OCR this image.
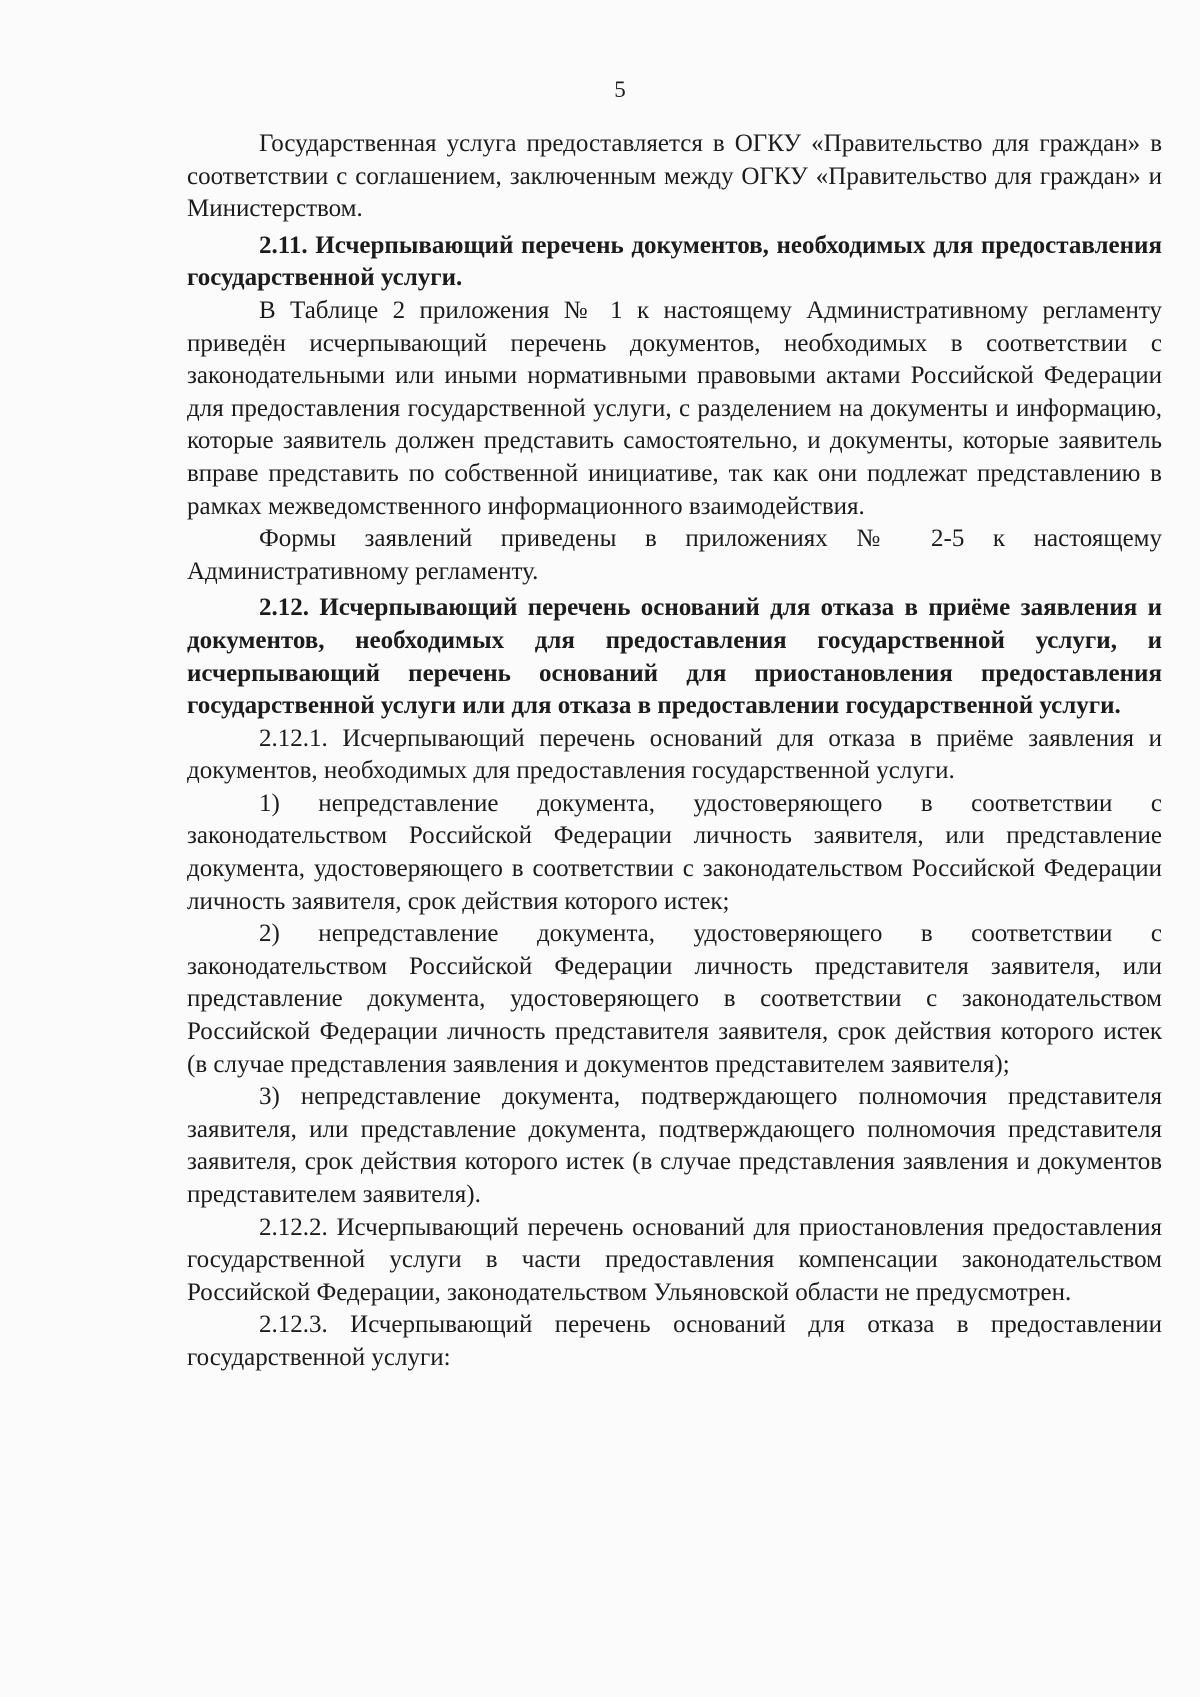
5

Государственная услуга предоставляется в ОГКУ «Правительство для граждан» в соответствии с соглашением, заключенным между ОГКУ «Правительство для граждан» и Министерством.

2.11. Исчерпывающий перечень документов, необходимых для предоставления государственной услуги.

В Таблице 2 приложения № 1 к настоящему Административному регламенту приведён исчерпывающий перечень документов, необходимых в соответствии с законодательными или иными нормативными правовыми актами Российской Федерации для предоставления государственной услуги, с разделением на документы и информацию, которые заявитель должен представить самостоятельно, и документы, которые заявитель вправе представить по собственной инициативе, так как они подлежат представлению в рамках межведомственного информационного взаимодействия.

Формы заявлений приведены в приложениях № 2-5 к настоящему Административному регламенту.

2.12. Исчерпывающий перечень оснований для отказа в приёме заявления и документов, необходимых для предоставления государственной услуги, и исчерпывающий перечень оснований для приостановления предоставления государственной услуги или для отказа в предоставлении государственной услуги.

2.12.1. Исчерпывающий перечень оснований для отказа в приёме заявления и документов, необходимых для предоставления государственной услуги.

1) непредставление документа, удостоверяющего в соответствии с законодательством Российской Федерации личность заявителя, или представление документа, удостоверяющего в соответствии с законодательством Российской Федерации личность заявителя, срок действия которого истек;

2) непредставление документа, удостоверяющего в соответствии с законодательством Российской Федерации личность представителя заявителя, или представление документа, удостоверяющего в соответствии с законодательством Российской Федерации личность представителя заявителя, срок действия которого истек (в случае представления заявления и документов представителем заявителя);

3) непредставление документа, подтверждающего полномочия представителя заявителя, или представление документа, подтверждающего полномочия представителя заявителя, срок действия которого истек (в случае представления заявления и документов представителем заявителя).

2.12.2. Исчерпывающий перечень оснований для приостановления предоставления государственной услуги в части предоставления компенсации законодательством Российской Федерации, законодательством Ульяновской области не предусмотрен.

2.12.3. Исчерпывающий перечень оснований для отказа в предоставлении государственной услуги:
